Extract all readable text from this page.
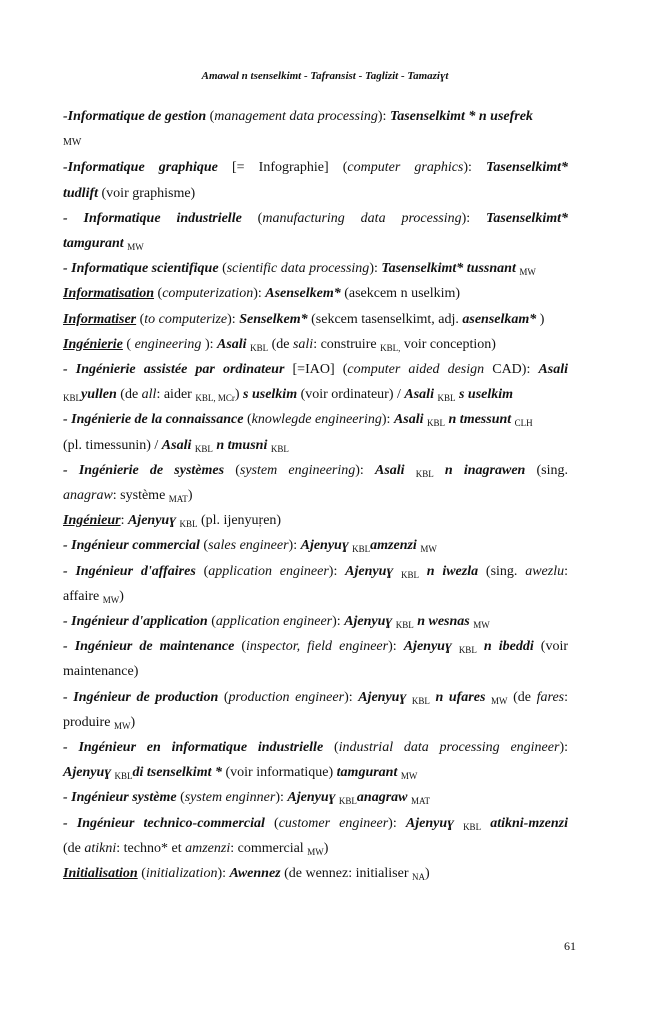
Amawal n tsenselkimt - Tafransist - Taglizit - Tamaziɣt
-Informatique de gestion (management data processing): Tasenselkimt * n usefrek
MW
-Informatique graphique [= Infographie] (computer graphics): Tasenselkimt*
tudlift (voir graphisme)
- Informatique industrielle (manufacturing data processing): Tasenselkimt*
tamgurant $_{MW}$
- Informatique scientifique (scientific data processing): Tasenselkimt* tussnant $_{MW}$
Informatisation (computerization): Asenselkem* (asekcem n uselkim)
Informatiser (to computerize): Senselkem* (sekcem tasenselkimt, adj. asenselkam* )
Ingénierie ( engineering ): Asali $_{KBL}$ (de sali: construire $_{KBL,}$ voir conception)
- Ingénierie assistée par ordinateur [=IAO] (computer aided design CAD): Asali
$_{KBL}$yullen (de all: aider $_{KBL, MCr}$) s uselkim (voir ordinateur) / Asali $_{KBL}$ s uselkim
- Ingénierie de la connaissance (knowlegde engineering): Asali $_{KBL}$ n tmessunt $_{CLH}$
(pl. timessunin) / Asali $_{KBL}$ n tmusni $_{KBL}$
- Ingénierie de systèmes (system engineering): Asali $_{KBL}$ n inagrawen (sing.
anagraw: système $_{MAT}$)
Ingénieur: Ajenyuɣ $_{KBL}$ (pl. ijenyuṛen)
- Ingénieur commercial (sales engineer): Ajenyuɣ $_{KBL}$amzenzi $_{MW}$
- Ingénieur d'affaires (application engineer): Ajenyuɣ $_{KBL}$ n iwezla (sing. awezlu:
affaire $_{MW}$)
- Ingénieur d'application (application engineer): Ajenyuɣ $_{KBL}$ n wesnas $_{MW}$
- Ingénieur de maintenance (inspector, field engineer): Ajenyuɣ $_{KBL}$ n ibeddi (voir
maintenance)
- Ingénieur de production (production engineer): Ajenyuɣ $_{KBL}$ n ufares $_{MW}$ (de fares:
produire $_{MW}$)
- Ingénieur en informatique industrielle (industrial data processing engineer):
Ajenyuɣ $_{KBL}$di tsenselkimt * (voir informatique) tamgurant $_{MW}$
- Ingénieur système (system enginner): Ajenyuɣ $_{KBL}$anagraw $_{MAT}$
- Ingénieur technico-commercial (customer engineer): Ajenyuɣ $_{KBL}$ atikni-mzenzi
(de atikni: techno* et amzenzi: commercial $_{MW}$)
Initialisation (initialization): Awennez (de wennez: initialiser $_{NA}$)
61
